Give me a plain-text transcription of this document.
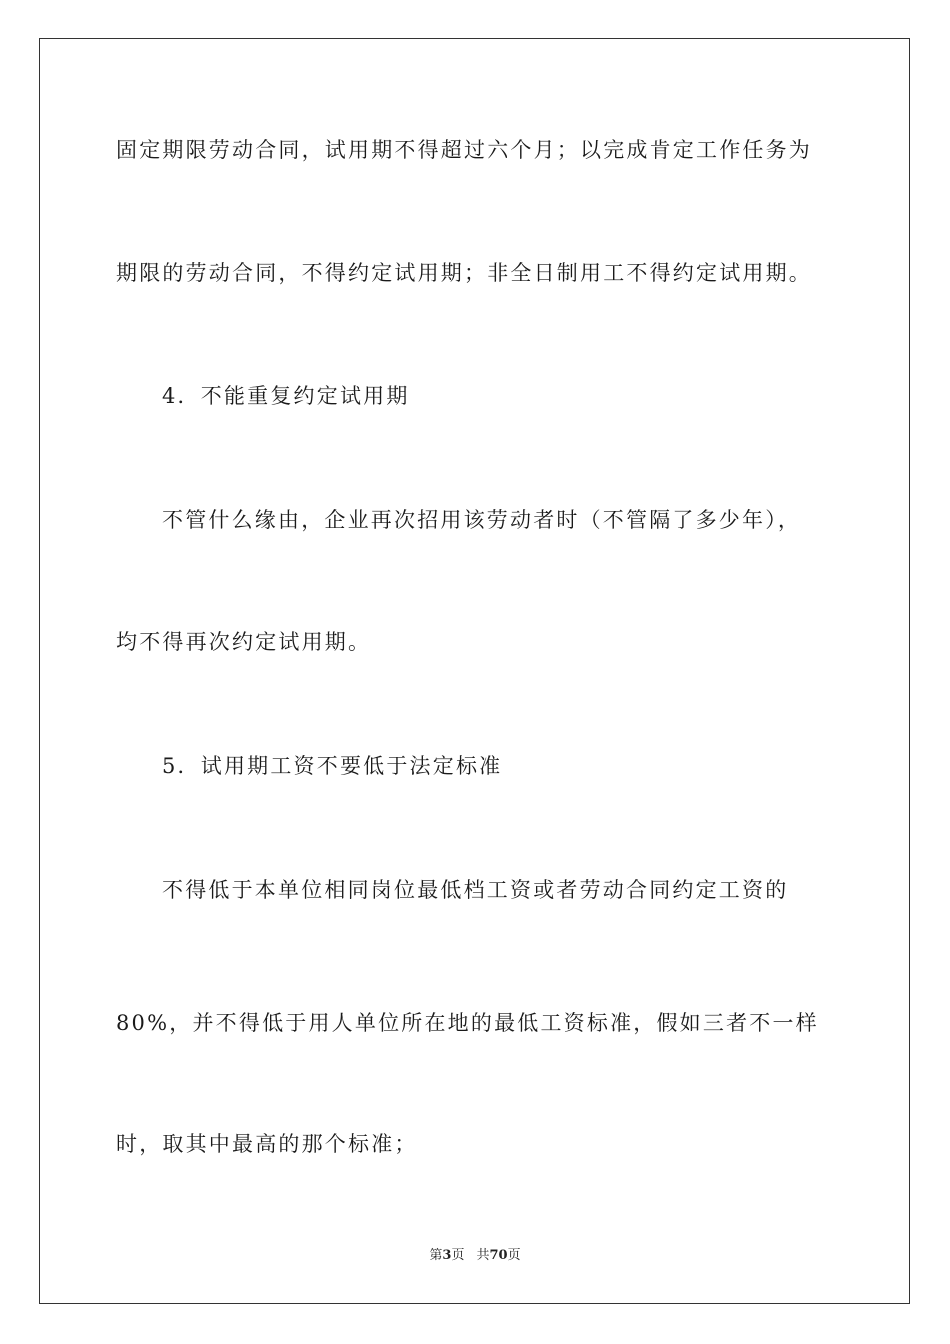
固定期限劳动合同，试用期不得超过六个月；以完成肯定工作任务为
期限的劳动合同，不得约定试用期；非全日制用工不得约定试用期。
4．不能重复约定试用期
不管什么缘由，企业再次招用该劳动者时（不管隔了多少年），
均不得再次约定试用期。
5．试用期工资不要低于法定标准
不得低于本单位相同岗位最低档工资或者劳动合同约定工资的
80%，并不得低于用人单位所在地的最低工资标准，假如三者不一样
时，取其中最高的那个标准；
第3页 共70页
